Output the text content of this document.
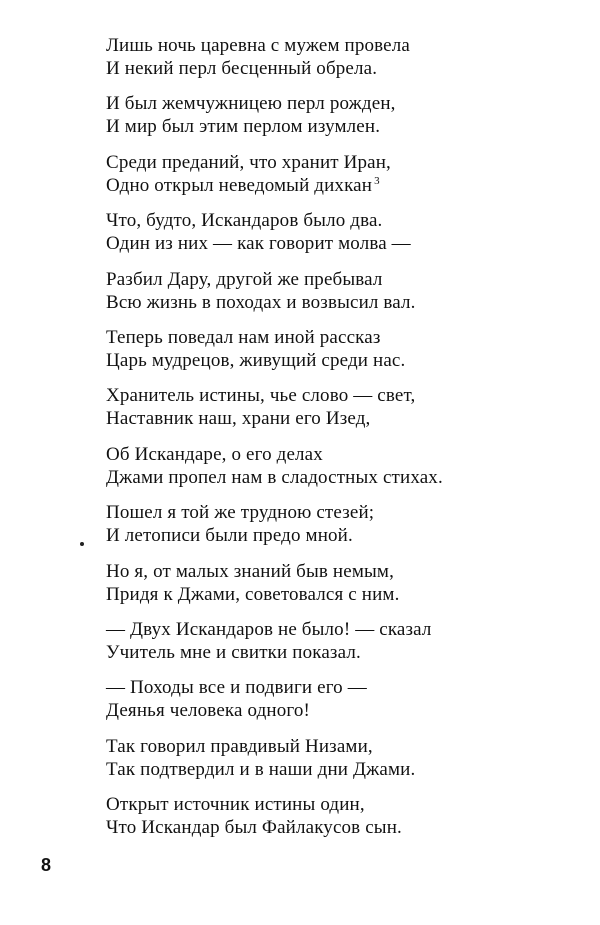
Лишь ночь царевна с мужем провела
И некий перл бесценный обрела.
И был жемчужницею перл рожден,
И мир был этим перлом изумлен.
Среди преданий, что хранит Иран,
Одно открыл неведомый дихкан $^3$
Что, будто, Искандаров было два.
Один из них — как говорит молва —
Разбил Дару, другой же пребывал
Всю жизнь в походах и возвысил вал.
Теперь поведал нам иной рассказ
Царь мудрецов, живущий среди нас.
Хранитель истины, чье слово — свет,
Наставник наш, храни его Изед,
Об Искандаре, о его делах
Джами пропел нам в сладостных стихах.
Пошел я той же трудною стезей;
И летописи были предо мной.
Но я, от малых знаний быв немым,
Придя к Джами, советовался с ним.
— Двух Искандаров не было! — сказал
Учитель мне и свитки показал.
— Походы все и подвиги его —
Деянья человека одного!
Так говорил правдивый Низами,
Так подтвердил и в наши дни Джами.
Открыт источник истины один,
Что Искандар был Файлакусов сын.
8
